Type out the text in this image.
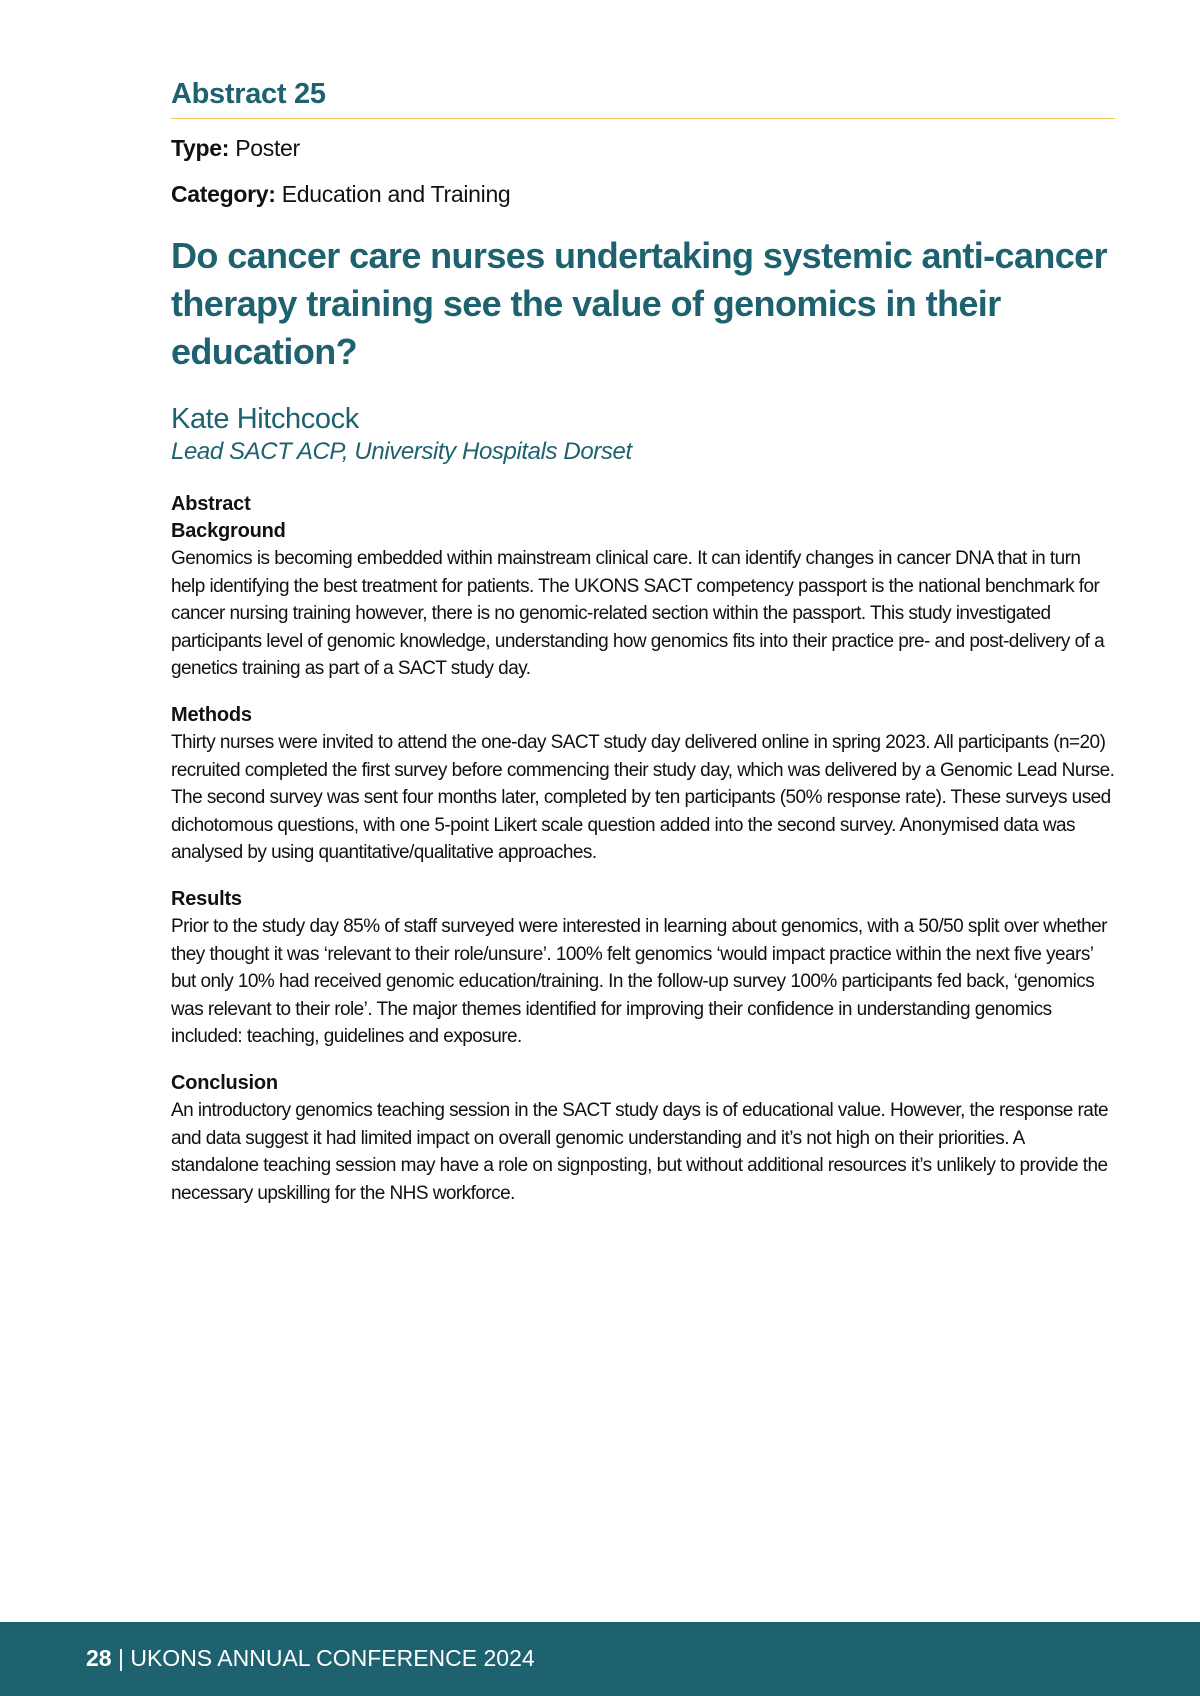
Abstract 25

Type: Poster

Category: Education and Training

Do cancer care nurses undertaking systemic anti-cancer therapy training see the value of genomics in their education?

Kate Hitchcock

Lead SACT ACP, University Hospitals Dorset

Abstract

Background

Genomics is becoming embedded within mainstream clinical care. It can identify changes in cancer DNA that in turn help identifying the best treatment for patients. The UKONS SACT competency passport is the national benchmark for cancer nursing training however, there is no genomic-related section within the passport. This study investigated participants level of genomic knowledge, understanding how genomics fits into their practice pre- and post-delivery of a genetics training as part of a SACT study day.

Methods

Thirty nurses were invited to attend the one-day SACT study day delivered online in spring 2023. All participants (n=20) recruited completed the first survey before commencing their study day, which was delivered by a Genomic Lead Nurse. The second survey was sent four months later, completed by ten participants (50% response rate). These surveys used dichotomous questions, with one 5-point Likert scale question added into the second survey. Anonymised data was analysed by using quantitative/qualitative approaches.

Results

Prior to the study day 85% of staff surveyed were interested in learning about genomics, with a 50/50 split over whether they thought it was ‘relevant to their role/unsure’. 100% felt genomics ‘would impact practice within the next five years’ but only 10% had received genomic education/training. In the follow-up survey 100% participants fed back, ‘genomics was relevant to their role’. The major themes identified for improving their confidence in understanding genomics included: teaching, guidelines and exposure.

Conclusion

An introductory genomics teaching session in the SACT study days is of educational value. However, the response rate and data suggest it had limited impact on overall genomic understanding and it’s not high on their priorities. A standalone teaching session may have a role on signposting, but without additional resources it’s unlikely to provide the necessary upskilling for the NHS workforce.

28 | UKONS ANNUAL CONFERENCE 2024
